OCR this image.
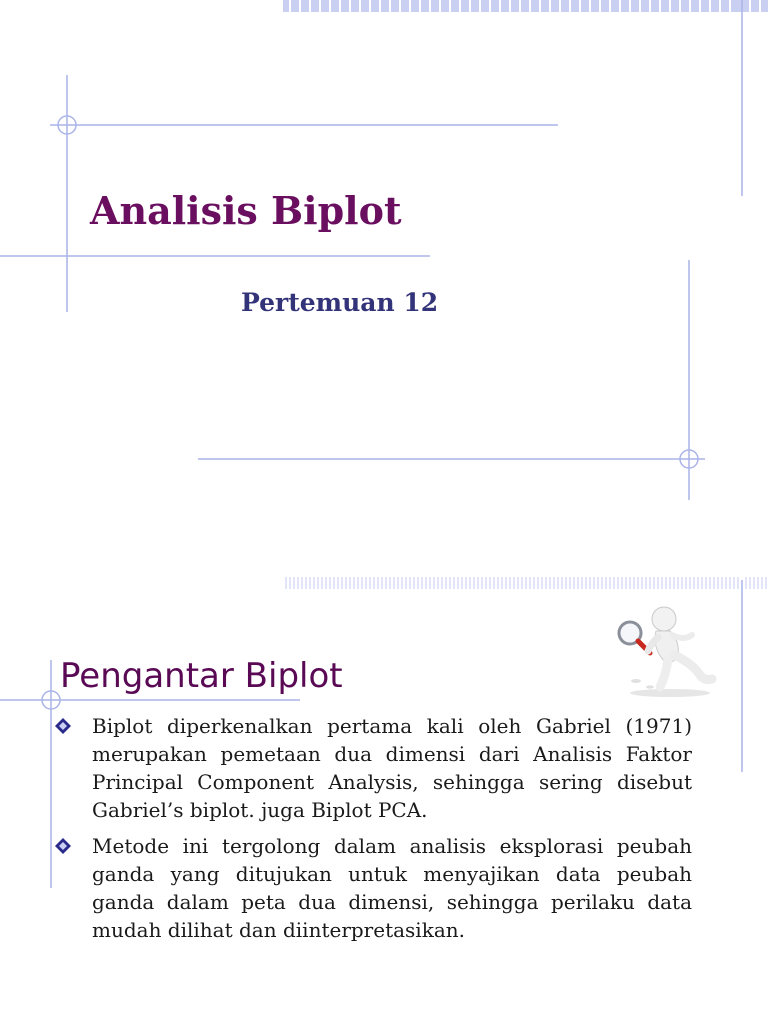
Analisis Biplot
Pertemuan 12
Pengantar Biplot
Biplot diperkenalkan pertama kali oleh Gabriel (1971) merupakan pemetaan dua dimensi dari Analisis Faktor Principal Component Analysis, sehingga sering disebut Gabriel’s biplot. juga Biplot PCA.
Metode ini tergolong dalam analisis eksplorasi peubah ganda yang ditujukan untuk menyajikan data peubah ganda dalam peta dua dimensi, sehingga perilaku data mudah dilihat dan diinterpretasikan.
